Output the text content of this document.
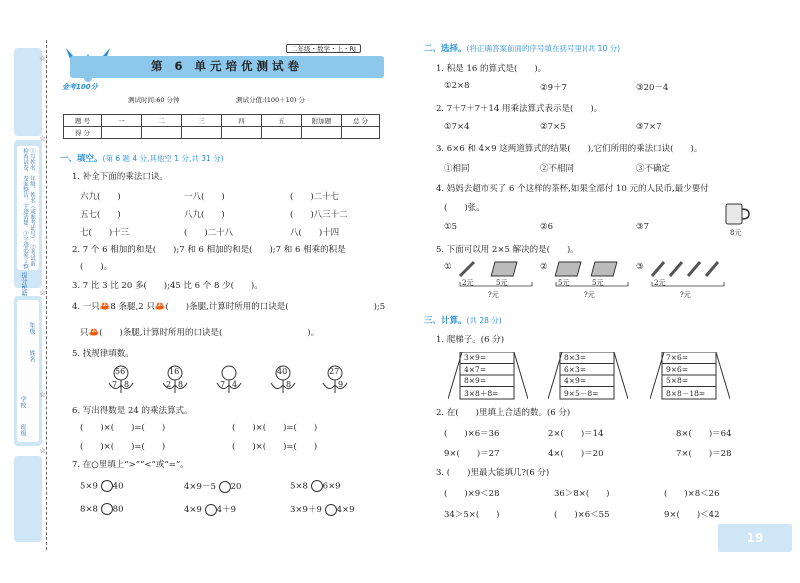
①写姓名、年级、姓名（或准考证号）。②考试前检查试卷，卷面整洁，字迹清楚。③字迹必须工整
提分秘籍
学校
班级
年级
姓名
☆
☆
☆
☆
☆
金考100分
二年级・数学・上・RJ
第 6 单元培优测试卷
测试时间:60 分钟	测试分值:(100＋10) 分
题 号	一	二	三	四	五	附加题	总 分
得 分							
一、填空。(第 6 题 4 分,其他空 1 分,共 31 分)
1. 补全下面的乘法口诀。
六九(　　)	一八(　　)	(　　)二十七
五七(　　)	八九(　　)	(　　)八三十二
七(　　)十三	(　　)二十八	八(　　)十四
2. 7 个 6 相加的和是(　　);7 和 6 相加的和是(　　);7 和 6 相乘的积是
(　　)。
3. 7 比 3 比 20 多(　　);45 比 6 个 8 少(　　)。
4. 一只🦀8 条腿,2 只🦀(　　)条腿,计算时所用的口诀是(　　　　　　　　　　);5
只🦀(　　)条腿,计算时所用的口诀是(　　　　　　　　　　)。
5. 找规律填数。
56
7 8
16
2 8	7 4
40
8
27
9
6. 写出得数是 24 的乘法算式。
(　　)×(　　)=(　　)	(　　)×(　　)=(　　)
(　　)×(　　)=(　　)	(　　)×(　　)=(　　)
7. 在○里填上“>”“<”或“=”。
5×9 40	4×9－5 20	5×8 6×9
8×8 80	4×9 4＋9	3×9＋9 4×9
二、选择。(将正确答案前面的序号填在括号里)(共 10 分)
1. 积是 16 的算式是(　　)。
①2×8	②9＋7	③20－4
2. 7＋7＋7＋14 用乘法算式表示是(　　)。
①7×4	②7×5	③7×7
3. 6×6 和 4×9 这两道算式的结果(　　),它们所用的乘法口诀(　　)。
①相同	②不相同	③不确定
4. 妈妈去超市买了 6 个这样的茶杯,如果全部付 10 元的人民币,最少要付
(　　)张。
①5	②6	③7
8元
5. 下面可以用 2×5 解决的是(　　)。
①
2元	5元
?元
②
5元	5元
?元
③
2元
?元
三、计算。(共 28 分)
1. 爬梯子。(6 分)
3×9=
4×7=
8×9=
3×8＋8=
8×3=
6×3=
4×9=
9×5－8=
7×6=
9×6=
5×8=
8×8－18=
2. 在(　　)里填上合适的数。(6 分)
(　　)×6＝36	2×(　　)＝14	8×(　　)＝64
9×(　　)＝27	4×(　　)＝20	7×(　　)＝28
3. (　　)里最大能填几?(6 分)
(　　)×9＜28	36＞8×(　　)	(　　)×8＜26
34＞5×(　　)	(　　)×6＜55	9×(　　)＜42
19
